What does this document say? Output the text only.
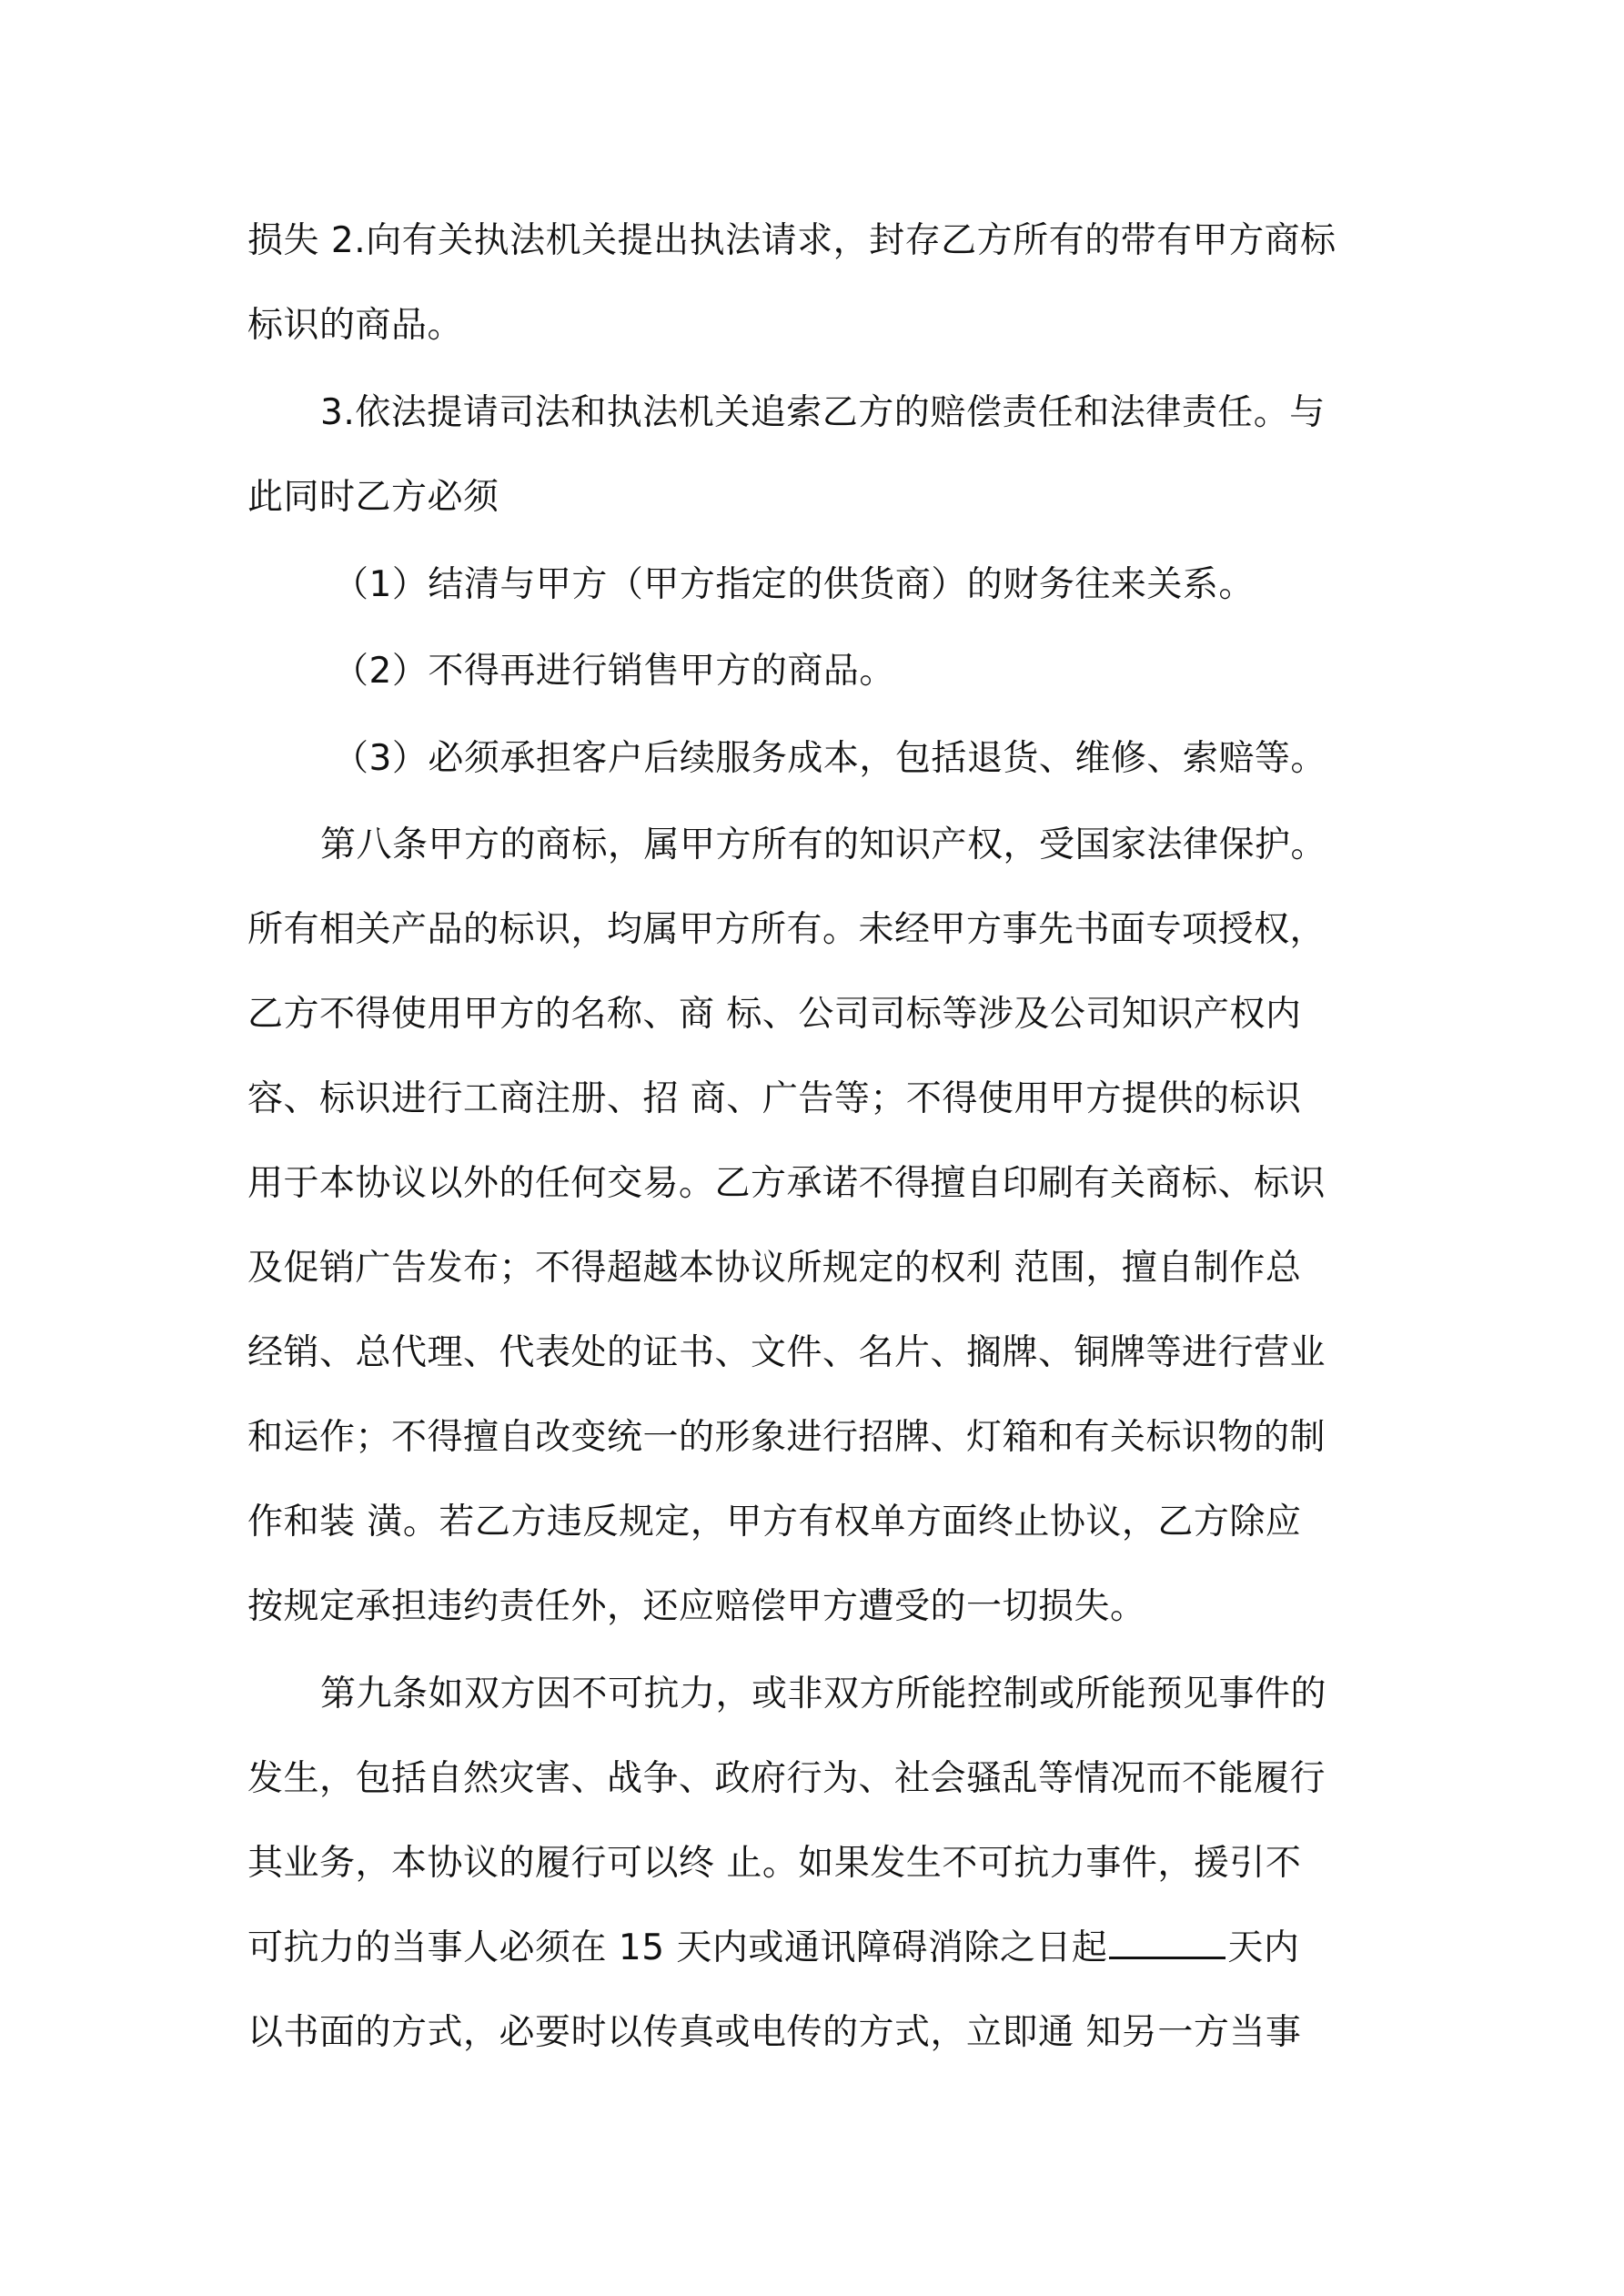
损失 2.向有关执法机关提出执法请求，封存乙方所有的带有甲方商标
标识的商品。
3.依法提请司法和执法机关追索乙方的赔偿责任和法律责任。与
此同时乙方必须
（1）结清与甲方（甲方指定的供货商）的财务往来关系。
（2）不得再进行销售甲方的商品。
（3）必须承担客户后续服务成本，包括退货、维修、索赔等。
第八条甲方的商标，属甲方所有的知识产权，受国家法律保护。
所有相关产品的标识，均属甲方所有。未经甲方事先书面专项授权，
乙方不得使用甲方的名称、商 标、公司司标等涉及公司知识产权内
容、标识进行工商注册、招 商、广告等；不得使用甲方提供的标识
用于本协议以外的任何交易。乙方承诺不得擅自印刷有关商标、标识
及促销广告发布；不得超越本协议所规定的权利 范围，擅自制作总
经销、总代理、代表处的证书、文件、名片、搁牌、铜牌等进行营业
和运作；不得擅自改变统一的形象进行招牌、灯箱和有关标识物的制
作和装 潢。若乙方违反规定，甲方有权单方面终止协议，乙方除应
按规定承担违约责任外，还应赔偿甲方遭受的一切损失。
第九条如双方因不可抗力，或非双方所能控制或所能预见事件的
发生，包括自然灾害、战争、政府行为、社会骚乱等情况而不能履行
其业务，本协议的履行可以终 止。如果发生不可抗力事件，援引不
可抗力的当事人必须在 15 天内或通讯障碍消除之日起	天内
以书面的方式，必要时以传真或电传的方式，立即通 知另一方当事
